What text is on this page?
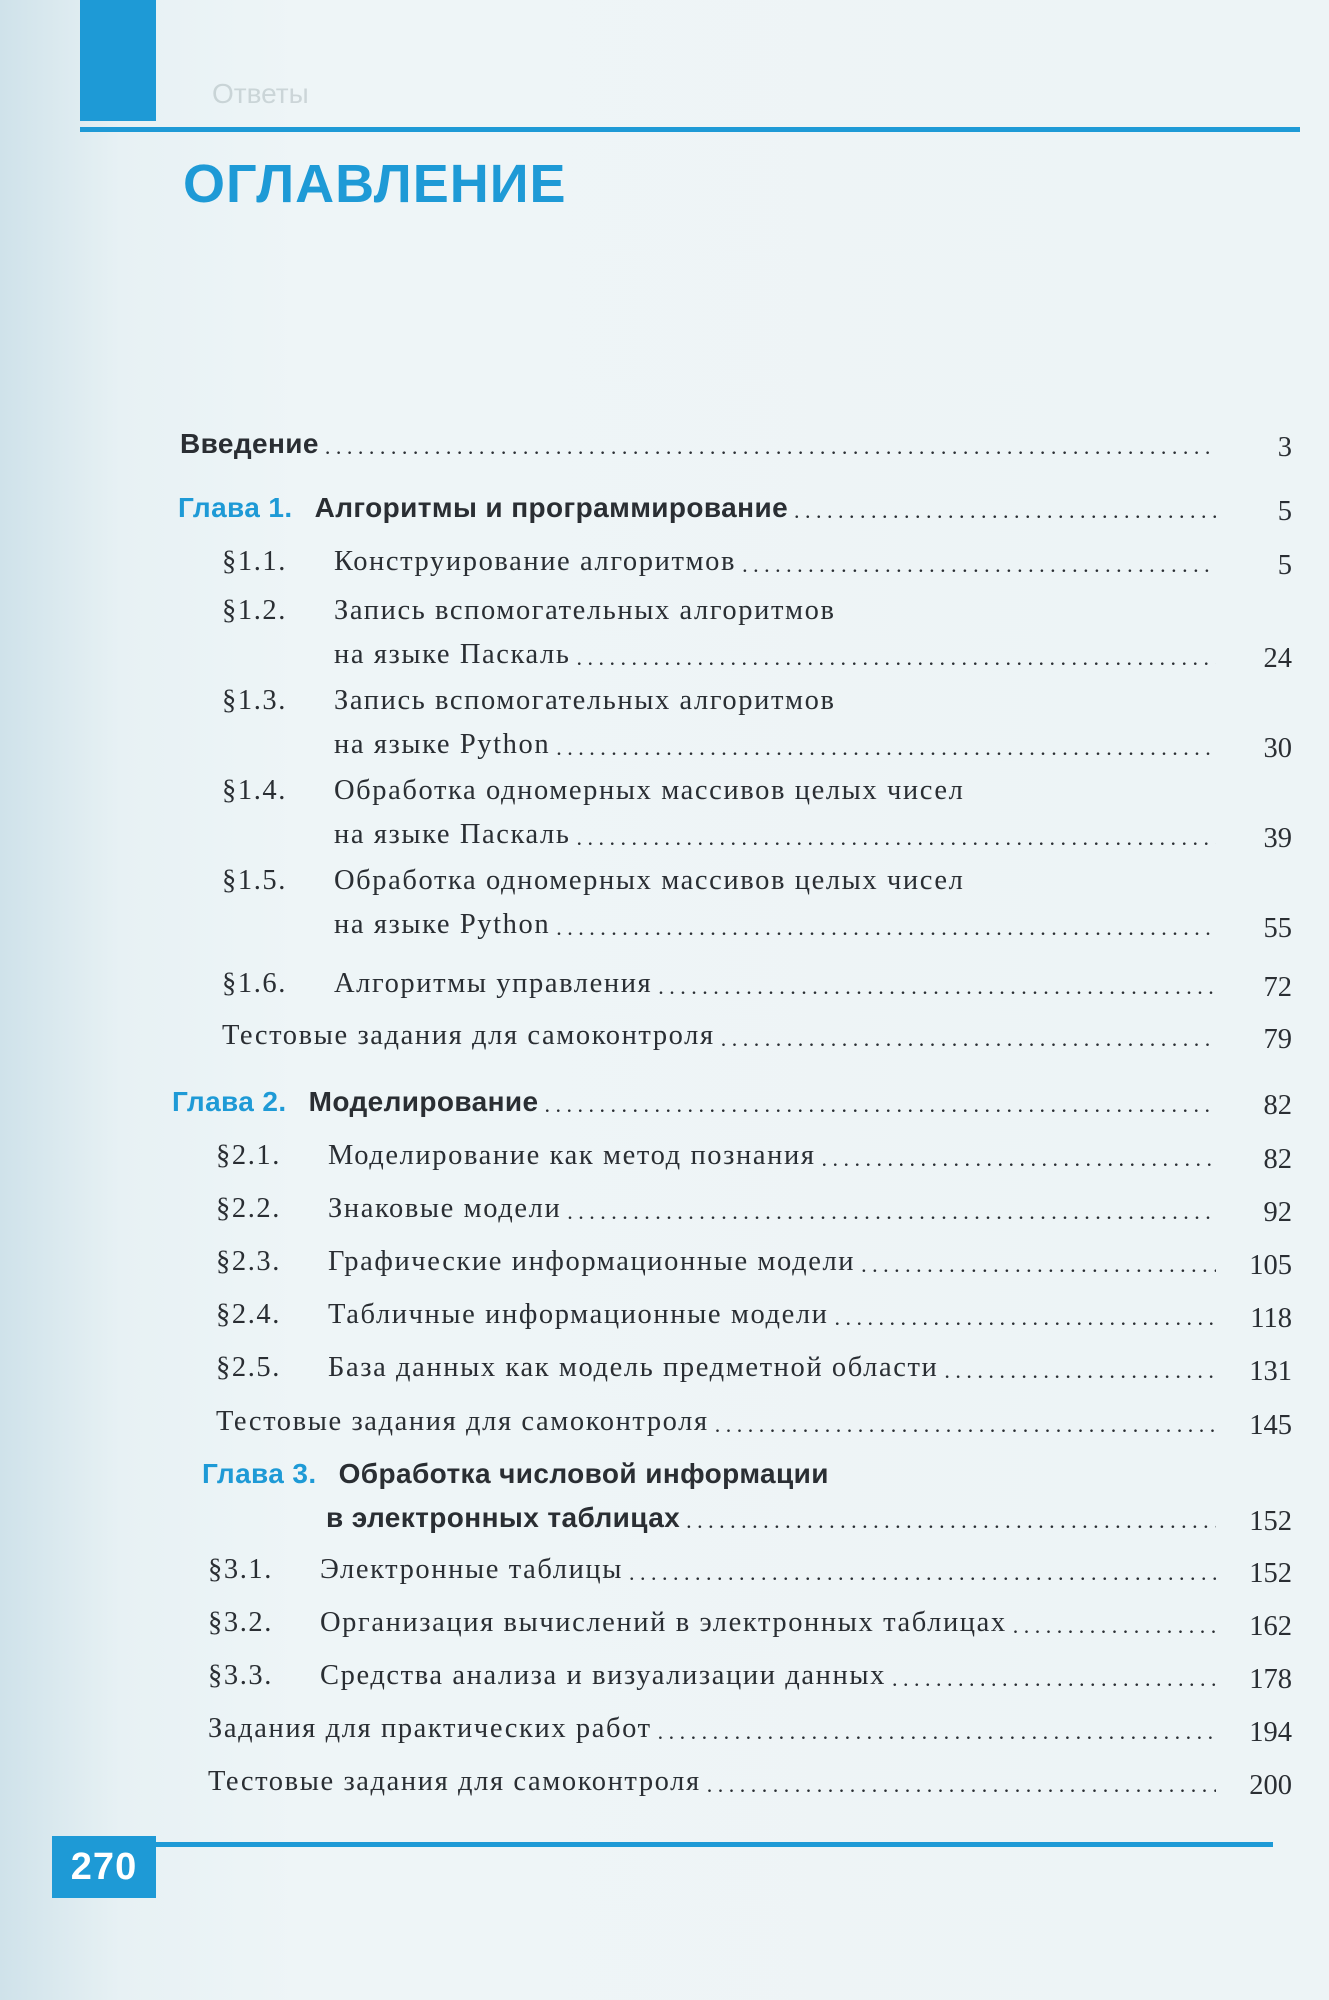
Ответы
ОГЛАВЛЕНИЕ
Введение . . .	3
Глава 1. Алгоритмы и программирование . . .	5
§1.1.	Конструирование алгоритмов . . .	5
§1.2. Запись вспомогательных алгоритмов
на языке Паскаль . . .	24
§1.3. Запись вспомогательных алгоритмов
на языке Python . . .	30
§1.4. Обработка одномерных массивов целых чисел
на языке Паскаль . . .	39
§1.5. Обработка одномерных массивов целых чисел
на языке Python . . .	55
§1.6.	Алгоритмы управления . . .	72
Тестовые задания для самоконтроля . . .	79
Глава 2. Моделирование . . .	82
§2.1.	Моделирование как метод познания . . .	82
§2.2.	Знаковые модели . . .	92
§2.3.	Графические информационные модели . . .	105
§2.4.	Табличные информационные модели . . .	118
§2.5.	База данных как модель предметной области . . .	131
Тестовые задания для самоконтроля . . .	145
Глава 3. Обработка числовой информации
в электронных таблицах . . .	152
§3.1.	Электронные таблицы . . .	152
§3.2.	Организация вычислений в электронных таблицах . . .	162
§3.3.	Средства анализа и визуализации данных . . .	178
Задания для практических работ . . .	194
Тестовые задания для самоконтроля . . .	200
270
